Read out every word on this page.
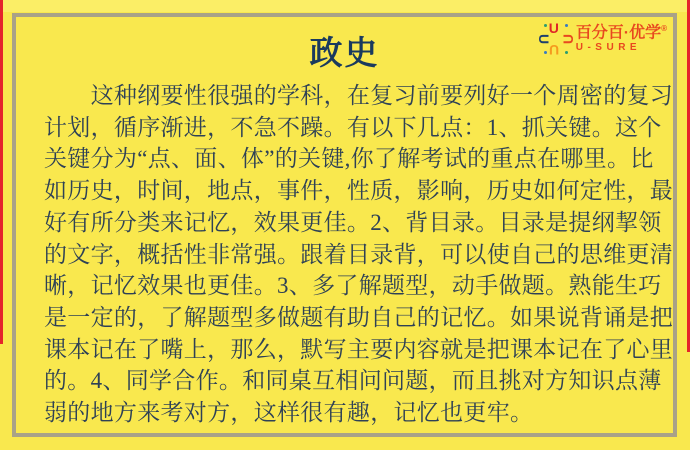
政史
U
U U
U
百分百·优学®
U-SURE
　　这种纲要性很强的学科，在复习前要列好一个周密的复习
计划，循序渐进，不急不躁。有以下几点：1、抓关键。这个
关键分为“点、面、体”的关键,你了解考试的重点在哪里。比
如历史，时间，地点，事件，性质，影响，历史如何定性，最
好有所分类来记忆，效果更佳。2、背目录。目录是提纲挈领
的文字，概括性非常强。跟着目录背，可以使自己的思维更清
晰，记忆效果也更佳。3、多了解题型，动手做题。熟能生巧
是一定的，了解题型多做题有助自己的记忆。如果说背诵是把
课本记在了嘴上，那么，默写主要内容就是把课本记在了心里
的。4、同学合作。和同桌互相问问题，而且挑对方知识点薄
弱的地方来考对方，这样很有趣，记忆也更牢。
